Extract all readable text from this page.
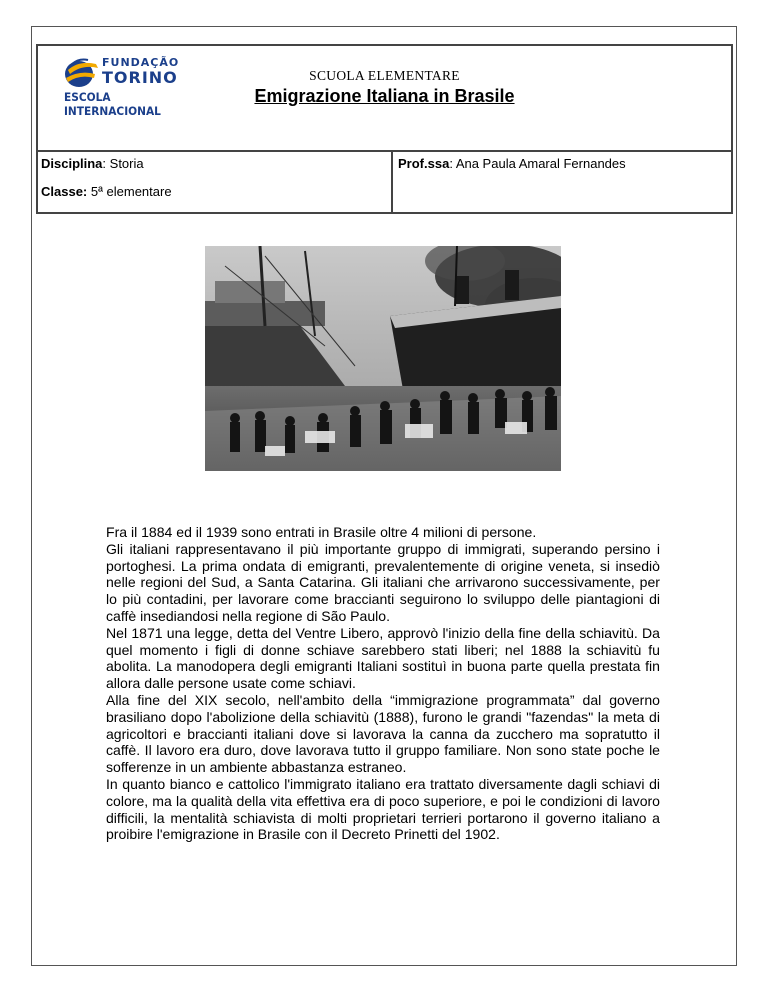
FUNDAÇÃO
TORINO
ESCOLA INTERNACIONAL
SCUOLA ELEMENTARE
Emigrazione Italiana in Brasile
Disciplina: Storia
Classe: 5ª elementare
Prof.ssa: Ana Paula Amaral Fernandes

Fra il 1884 ed il 1939 sono entrati in Brasile oltre 4 milioni di persone.

Gli italiani rappresentavano il più importante gruppo di immigrati, superando persino i portoghesi. La prima ondata di emigranti, prevalentemente di origine veneta, si insediò nelle regioni del Sud, a Santa Catarina. Gli italiani che arrivarono successivamente, per lo più contadini, per lavorare come braccianti seguirono lo sviluppo delle piantagioni di caffè insediandosi nella regione di São Paulo.

Nel 1871 una legge, detta del Ventre Libero, approvò l'inizio della fine della schiavitù. Da quel momento i figli di donne schiave sarebbero stati liberi; nel 1888 la schiavitù fu abolita. La manodopera degli emigranti Italiani sostituì in buona parte quella prestata fin allora dalle persone usate come schiavi.

Alla fine del XIX secolo, nell'ambito della “immigrazione programmata” dal governo brasiliano dopo l'abolizione della schiavitù (1888), furono le grandi "fazendas" la meta di agricoltori e braccianti italiani dove si lavorava la canna da zucchero ma sopratutto il caffè. Il lavoro era duro, dove lavorava tutto il gruppo familiare. Non sono state poche le sofferenze in un ambiente abbastanza estraneo.

In quanto bianco e cattolico l'immigrato italiano era trattato diversamente dagli schiavi di colore, ma la qualità della vita effettiva era di poco superiore, e poi le condizioni di lavoro difficili, la mentalità schiavista di molti proprietari terrieri portarono il governo italiano a proibire l'emigrazione in Brasile con il Decreto Prinetti del 1902.
